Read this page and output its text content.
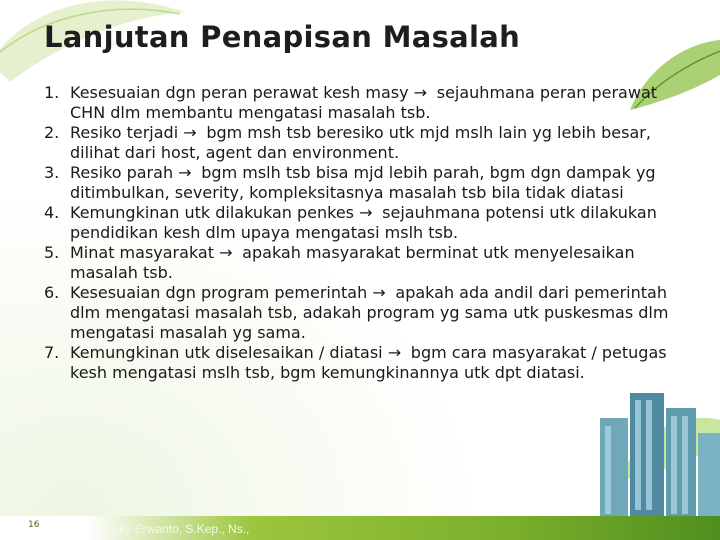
Lanjutan Penapisan Masalah
1. Kesesuaian dgn peran perawat kesh masy → sejauhmana peran perawat CHN dlm membantu mengatasi masalah tsb.
2. Resiko terjadi → bgm msh tsb beresiko utk mjd mslh lain yg lebih besar, dilihat dari host, agent dan environment.
3. Resiko parah → bgm mslh tsb bisa mjd lebih parah, bgm dgn dampak yg ditimbulkan, severity, kompleksitasnya masalah tsb bila tidak diatasi
4. Kemungkinan utk dilakukan penkes → sejauhmana potensi utk dilakukan pendidikan kesh dlm upaya mengatasi mslh tsb.
5. Minat masyarakat → apakah masyarakat berminat utk menyelesaikan masalah tsb.
6. Kesesuaian dgn program pemerintah → apakah ada andil dari pemerintah dlm mengatasi masalah tsb, adakah program yg sama utk puskesmas dlm mengatasi masalah yg sama.
7. Kemungkinan utk diselesaikan / diatasi → bgm cara masyarakat / petugas kesh mengatasi mslh tsb, bgm kemungkinannya utk dpt diatasi.
16	Rizky Erwanto, S.Kep., Ns.,
